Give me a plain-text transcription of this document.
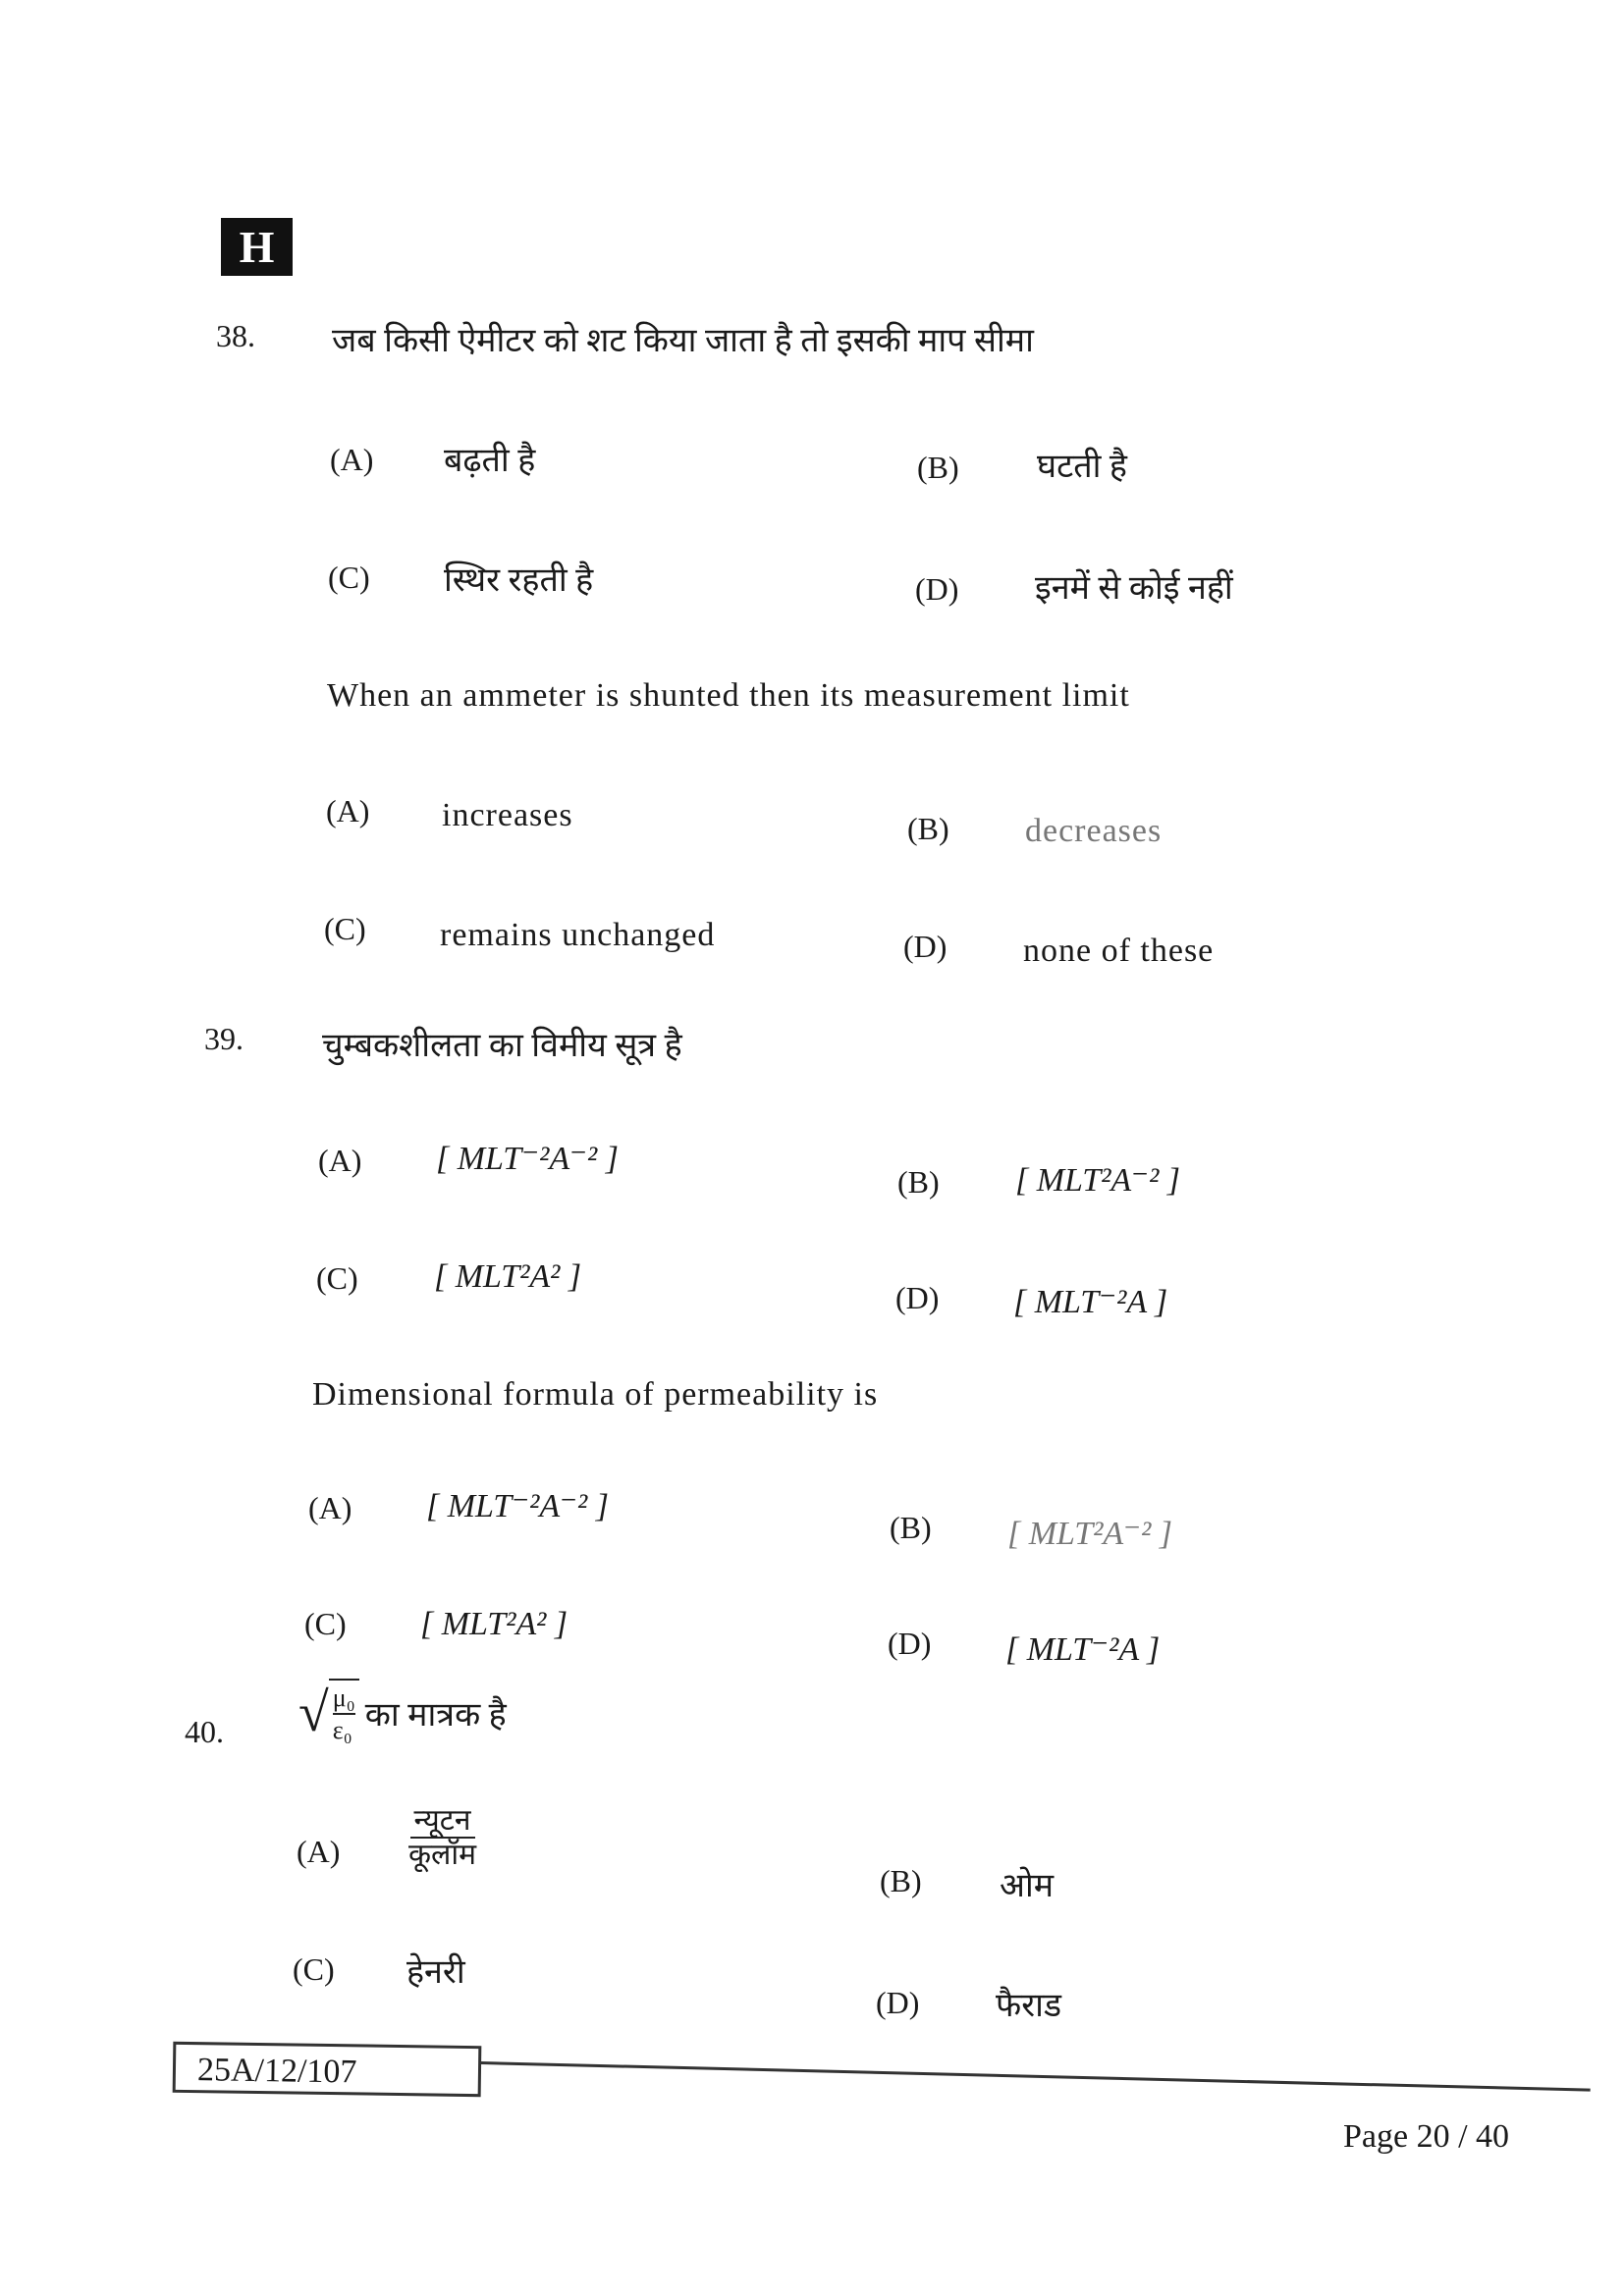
H
38. जब किसी ऐमीटर को शट किया जाता है तो इसकी माप सीमा
(A) बढ़ती है	(B) घटती है
(C) स्थिर रहती है	(D) इनमें से कोई नहीं
When an ammeter is shunted then its measurement limit
(A) increases	(B) decreases
(C) remains unchanged	(D) none of these
39. चुम्बकशीलता का विमीय सूत्र है
(A) [ MLT⁻²A⁻² ]
(B) [ MLT²A⁻² ]
(C) [ MLT²A² ]
(D) [ MLT⁻²A ]
Dimensional formula of permeability is
(A) [ MLT⁻²A⁻² ]
(B) [ MLT²A⁻² ]
(C) [ MLT²A² ]
(D) [ MLT⁻²A ]
40. √ $\frac{\text{μ₀}}{\text{ε₀}}$ का मात्रक है
(A)
न्यूटन
कूलॉम
(B) ओम
(C) हेनरी
(D) फैराड
25A/12/107
Page 20 / 40
